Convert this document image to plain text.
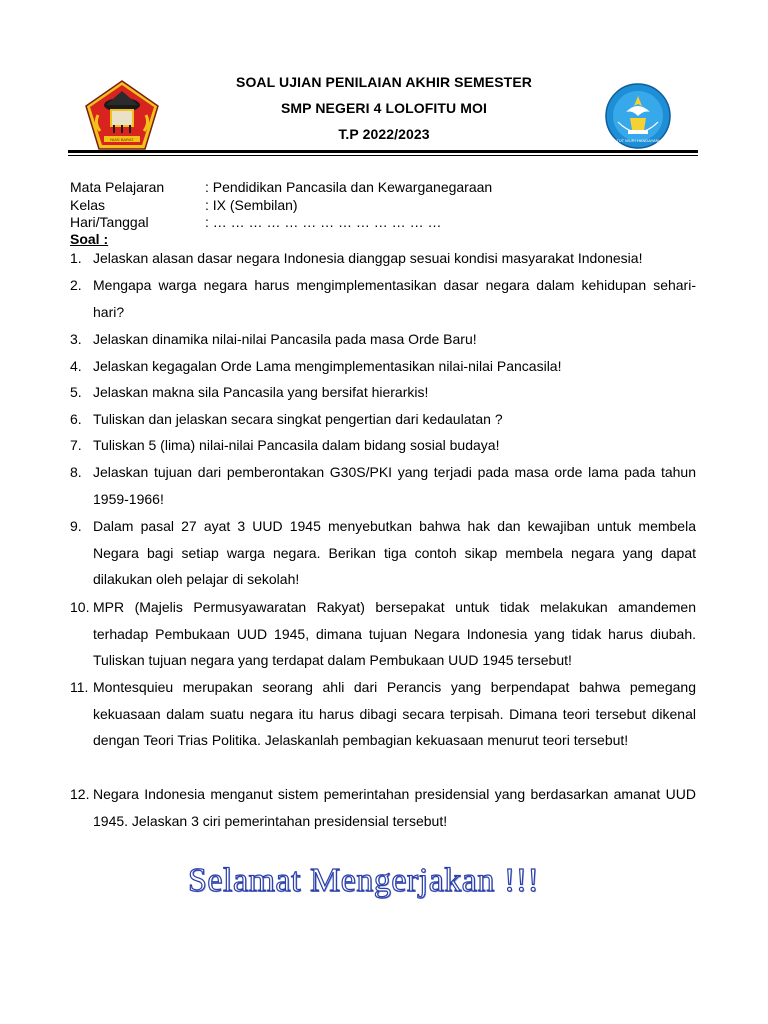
NIAS BARAT	TUT WURI HANDAYANI
SOAL UJIAN PENILAIAN AKHIR SEMESTER
SMP NEGERI 4 LOLOFITU MOI
T.P 2022/2023
Mata Pelajaran	: Pendidikan Pancasila dan Kewarganegaraan
Kelas	: IX (Sembilan)
Hari/Tanggal	: … … … … … … … … … … … … …
Soal :
1. Jelaskan alasan dasar negara Indonesia dianggap sesuai kondisi masyarakat Indonesia!
2. Mengapa warga negara harus mengimplementasikan dasar negara dalam kehidupan sehari-hari?
3. Jelaskan dinamika nilai-nilai Pancasila pada masa Orde Baru!
4. Jelaskan kegagalan Orde Lama mengimplementasikan nilai-nilai Pancasila!
5. Jelaskan makna sila Pancasila yang bersifat hierarkis!
6. Tuliskan dan jelaskan secara singkat pengertian dari kedaulatan ?
7. Tuliskan 5 (lima) nilai-nilai Pancasila dalam bidang sosial budaya!
8. Jelaskan tujuan dari pemberontakan G30S/PKI yang terjadi pada masa orde lama pada tahun 1959-1966!
9. Dalam pasal 27 ayat 3 UUD 1945 menyebutkan bahwa hak dan kewajiban untuk membela Negara bagi setiap warga negara. Berikan tiga contoh sikap membela negara yang dapat dilakukan oleh pelajar di sekolah!
10. MPR (Majelis Permusyawaratan Rakyat) bersepakat untuk tidak melakukan amandemen terhadap Pembukaan UUD 1945, dimana tujuan Negara Indonesia yang tidak harus diubah. Tuliskan tujuan negara yang terdapat dalam Pembukaan UUD 1945 tersebut!
11. Montesquieu merupakan seorang ahli dari Perancis yang berpendapat bahwa pemegang kekuasaan dalam suatu negara itu harus dibagi secara terpisah. Dimana teori tersebut dikenal dengan Teori Trias Politika. Jelaskanlah pembagian kekuasaan menurut teori tersebut!
12. Negara Indonesia menganut sistem pemerintahan presidensial yang berdasarkan amanat UUD 1945. Jelaskan 3 ciri pemerintahan presidensial tersebut!
Selamat Mengerjakan !!!
